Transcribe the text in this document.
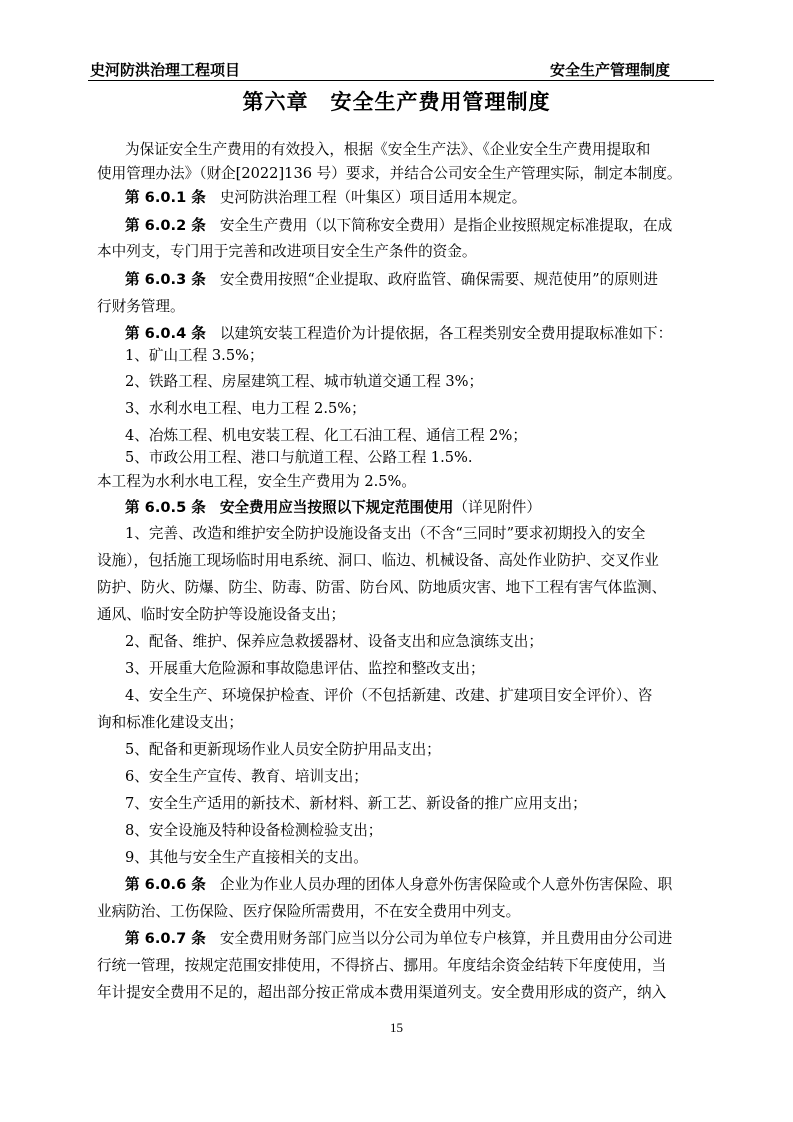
史河防洪治理工程项目	安全生产管理制度
第六章 安全生产费用管理制度
为保证安全生产费用的有效投入，根据《安全生产法》、《企业安全生产费用提取和
使用管理办法》（财企[2022]136 号）要求，并结合公司安全生产管理实际，制定本制度。
第 6.0.1 条 史河防洪治理工程（叶集区）项目适用本规定。
第 6.0.2 条 安全生产费用（以下简称安全费用）是指企业按照规定标准提取，在成
本中列支，专门用于完善和改进项目安全生产条件的资金。
第 6.0.3 条 安全费用按照“企业提取、政府监管、确保需要、规范使用”的原则进
行财务管理。
第 6.0.4 条 以建筑安装工程造价为计提依据，各工程类别安全费用提取标准如下：
1、矿山工程 3.5%；
2、铁路工程、房屋建筑工程、城市轨道交通工程 3%；
3、水利水电工程、电力工程 2.5%；
4、冶炼工程、机电安装工程、化工石油工程、通信工程 2%；
5、市政公用工程、港口与航道工程、公路工程 1.5%.
本工程为水利水电工程，安全生产费用为 2.5%。
第 6.0.5 条 安全费用应当按照以下规定范围使用（详见附件）
1、完善、改造和维护安全防护设施设备支出（不含“三同时”要求初期投入的安全
设施），包括施工现场临时用电系统、洞口、临边、机械设备、高处作业防护、交叉作业
防护、防火、防爆、防尘、防毒、防雷、防台风、防地质灾害、地下工程有害气体监测、
通风、临时安全防护等设施设备支出；
2、配备、维护、保养应急救援器材、设备支出和应急演练支出；
3、开展重大危险源和事故隐患评估、监控和整改支出；
4、安全生产、环境保护检查、评价（不包括新建、改建、扩建项目安全评价）、咨
询和标准化建设支出；
5、配备和更新现场作业人员安全防护用品支出；
6、安全生产宣传、教育、培训支出；
7、安全生产适用的新技术、新材料、新工艺、新设备的推广应用支出；
8、安全设施及特种设备检测检验支出；
9、其他与安全生产直接相关的支出。
第 6.0.6 条 企业为作业人员办理的团体人身意外伤害保险或个人意外伤害保险、职
业病防治、工伤保险、医疗保险所需费用，不在安全费用中列支。
第 6.0.7 条 安全费用财务部门应当以分公司为单位专户核算，并且费用由分公司进
行统一管理，按规定范围安排使用，不得挤占、挪用。年度结余资金结转下年度使用，当
年计提安全费用不足的，超出部分按正常成本费用渠道列支。安全费用形成的资产，纳入
15
